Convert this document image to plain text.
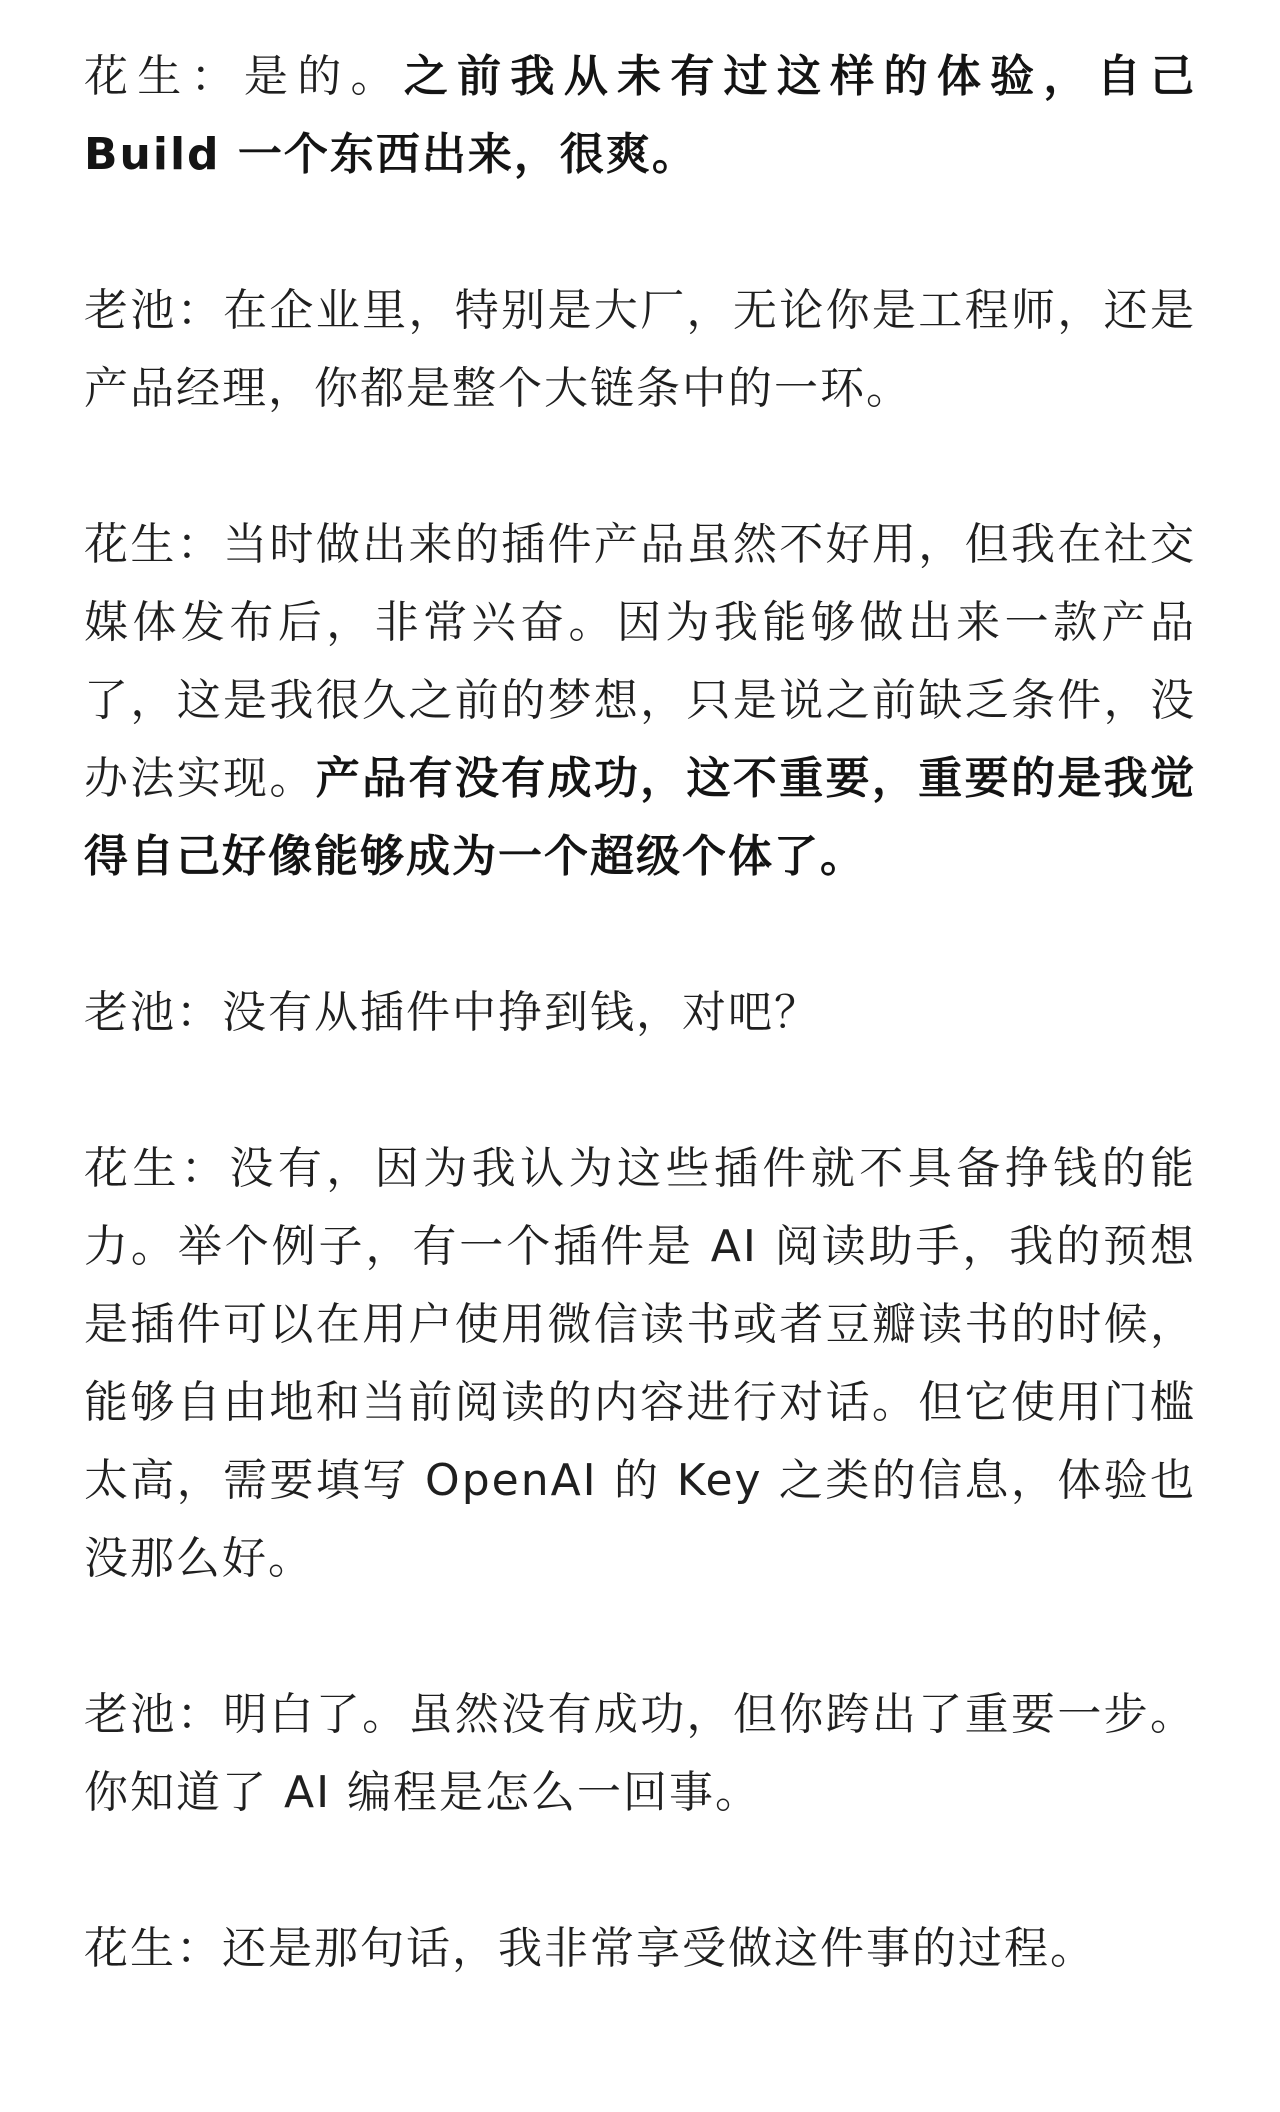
花生：是的。之前我从未有过这样的体验，自己 Build 一个东西出来，很爽。

老池：在企业里，特别是大厂，无论你是工程师，还是产品经理，你都是整个大链条中的一环。

花生：当时做出来的插件产品虽然不好用，但我在社交媒体发布后，非常兴奋。因为我能够做出来一款产品了，这是我很久之前的梦想，只是说之前缺乏条件，没办法实现。产品有没有成功，这不重要，重要的是我觉得自己好像能够成为一个超级个体了。

老池：没有从插件中挣到钱，对吧？

花生：没有，因为我认为这些插件就不具备挣钱的能力。举个例子，有一个插件是 AI 阅读助手，我的预想是插件可以在用户使用微信读书或者豆瓣读书的时候，能够自由地和当前阅读的内容进行对话。但它使用门槛太高，需要填写 OpenAI 的 Key 之类的信息，体验也没那么好。

老池：明白了。虽然没有成功，但你跨出了重要一步。你知道了 AI 编程是怎么一回事。

花生：还是那句话，我非常享受做这件事的过程。
